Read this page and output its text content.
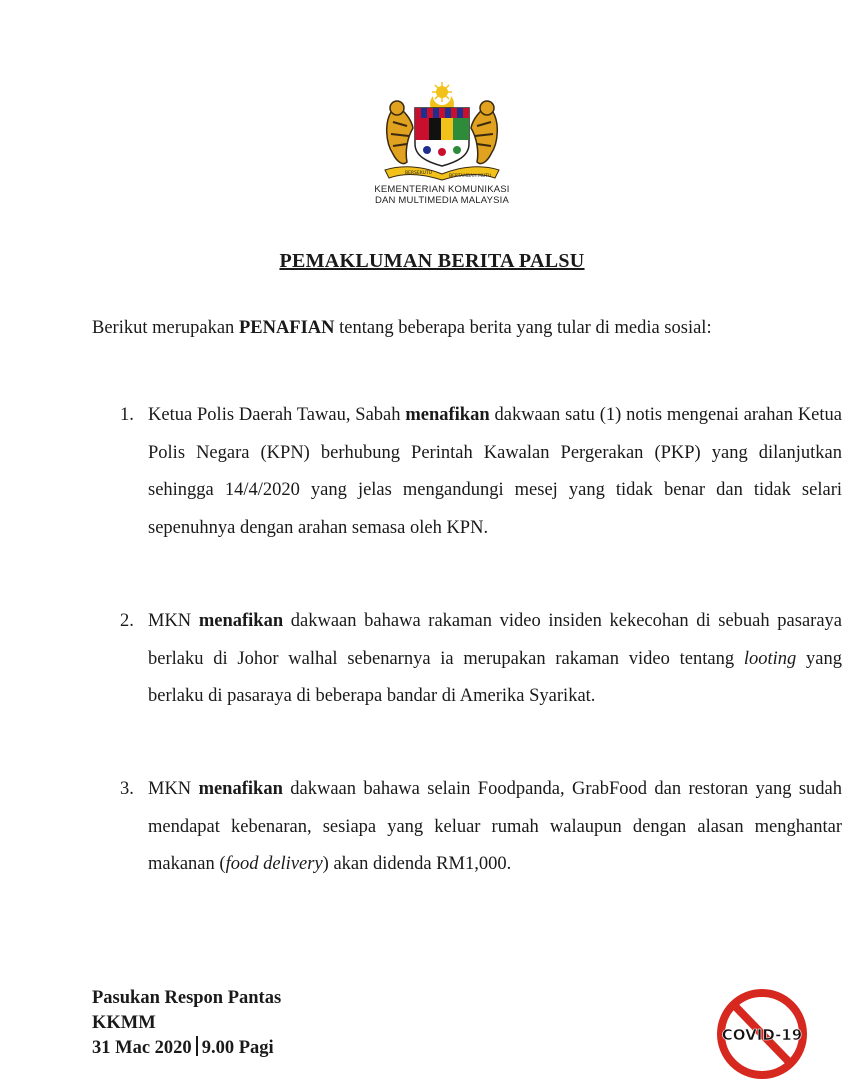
BERSEKUTU
BERTAMBAH MUTU
KEMENTERIAN KOMUNIKASI
DAN MULTIMEDIA MALAYSIA
PEMAKLUMAN BERITA PALSU
Berikut merupakan PENAFIAN tentang beberapa berita yang tular di media sosial:
1. Ketua Polis Daerah Tawau, Sabah menafikan dakwaan satu (1) notis mengenai arahan Ketua Polis Negara (KPN) berhubung Perintah Kawalan Pergerakan (PKP) yang dilanjutkan sehingga 14/4/2020 yang jelas mengandungi mesej yang tidak benar dan tidak selari sepenuhnya dengan arahan semasa oleh KPN.
2. MKN menafikan dakwaan bahawa rakaman video insiden kekecohan di sebuah pasaraya berlaku di Johor walhal sebenarnya ia merupakan rakaman video tentang looting yang berlaku di pasaraya di beberapa bandar di Amerika Syarikat.
3. MKN menafikan dakwaan bahawa selain Foodpanda, GrabFood dan restoran yang sudah mendapat kebenaran, sesiapa yang keluar rumah walaupun dengan alasan menghantar makanan (food delivery) akan didenda RM1,000.
Pasukan Respon Pantas
KKMM
31 Mac 2020 9.00 Pagi
COVID-19
